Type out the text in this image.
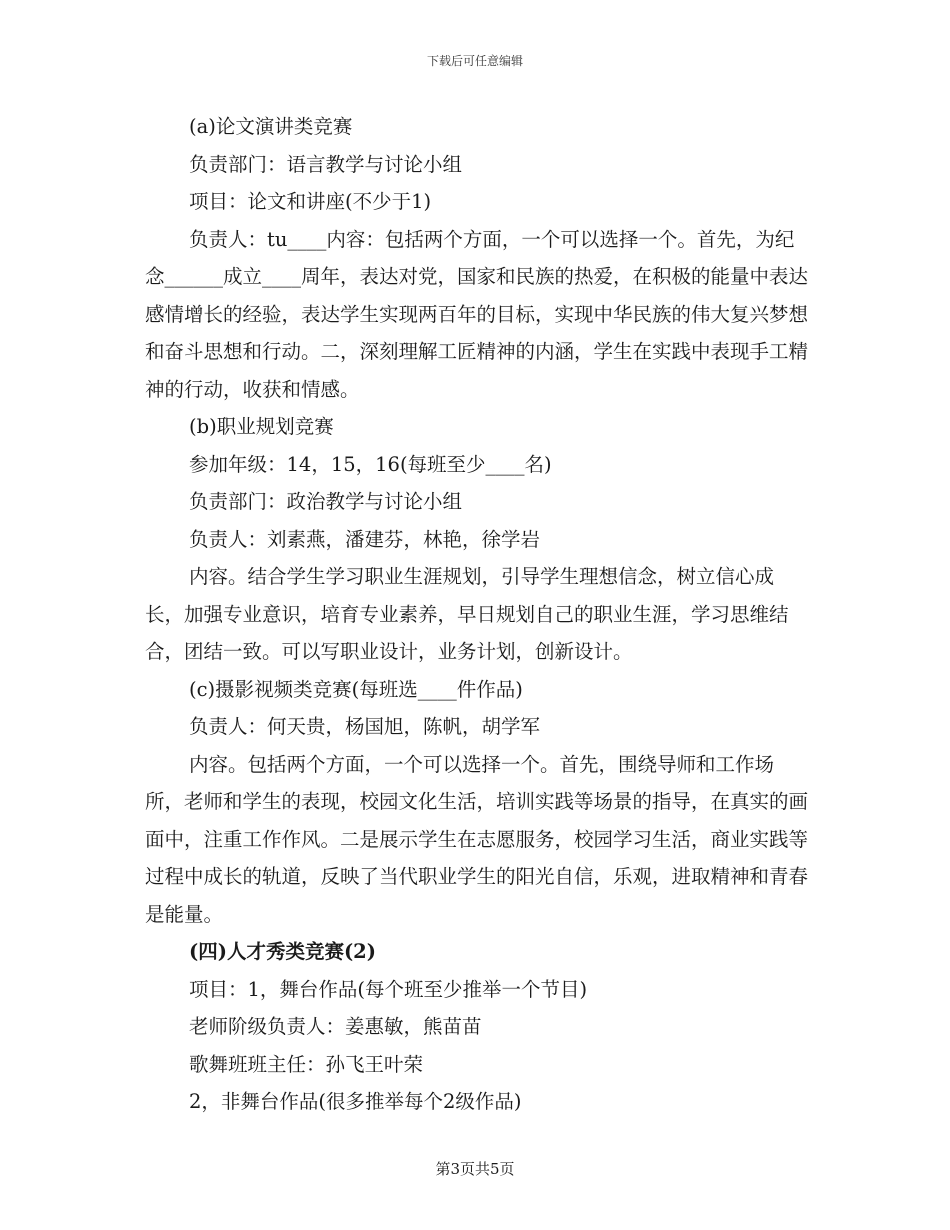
下载后可任意编辑

(a)论文演讲类竞赛

负责部门：语言教学与讨论小组

项目：论文和讲座(不少于1)

负责人：tu____内容：包括两个方面，一个可以选择一个。首先，为纪念______成立____周年，表达对党，国家和民族的热爱，在积极的能量中表达感情增长的经验，表达学生实现两百年的目标，实现中华民族的伟大复兴梦想和奋斗思想和行动。二，深刻理解工匠精神的内涵，学生在实践中表现手工精神的行动，收获和情感。

(b)职业规划竞赛

参加年级：14，15，16(每班至少____名)

负责部门：政治教学与讨论小组

负责人：刘素燕，潘建芬，林艳，徐学岩

内容。结合学生学习职业生涯规划，引导学生理想信念，树立信心成长，加强专业意识，培育专业素养，早日规划自己的职业生涯，学习思维结合，团结一致。可以写职业设计，业务计划，创新设计。

(c)摄影视频类竞赛(每班选____件作品)

负责人：何天贵，杨国旭，陈帆，胡学军

内容。包括两个方面，一个可以选择一个。首先，围绕导师和工作场所，老师和学生的表现，校园文化生活，培训实践等场景的指导，在真实的画面中，注重工作作风。二是展示学生在志愿服务，校园学习生活，商业实践等过程中成长的轨道，反映了当代职业学生的阳光自信，乐观，进取精神和青春是能量。

(四)人才秀类竞赛(2)

项目：1，舞台作品(每个班至少推举一个节目)

老师阶级负责人：姜惠敏，熊苗苗

歌舞班班主任：孙飞王叶荣

2，非舞台作品(很多推举每个2级作品)

第3页共5页
